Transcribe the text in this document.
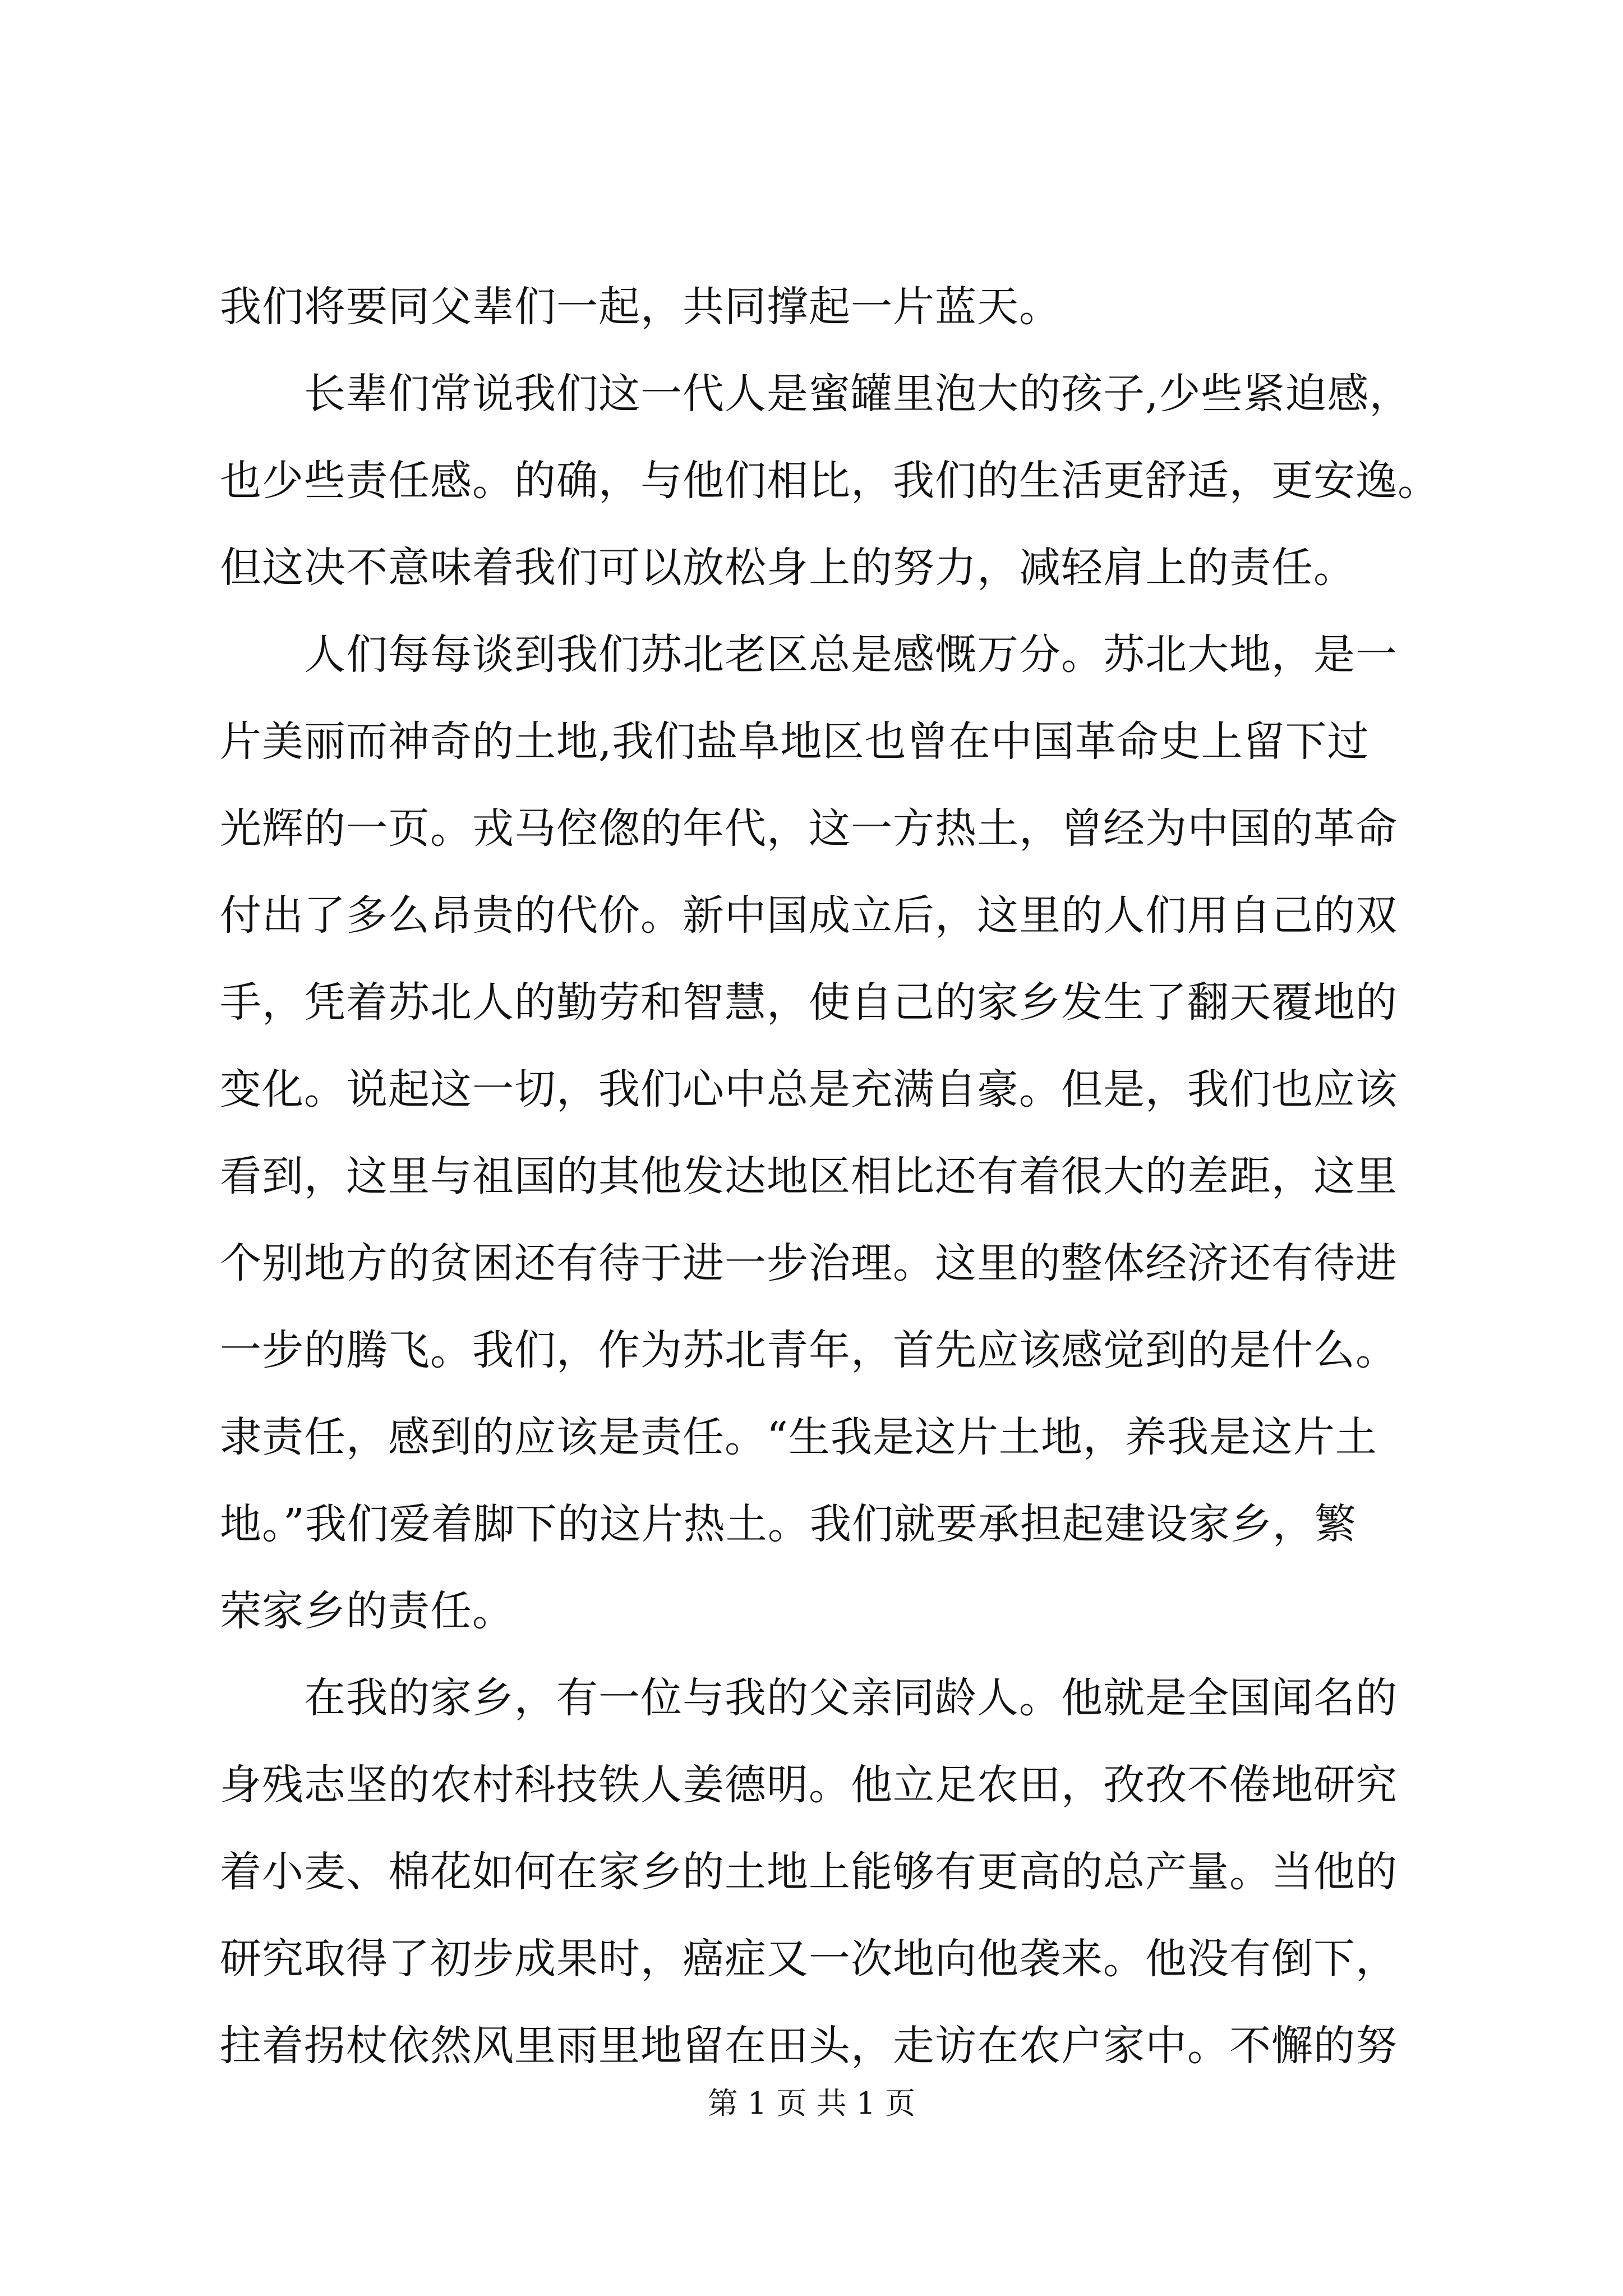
我们将要同父辈们一起，共同撑起一片蓝天。
长辈们常说我们这一代人是蜜罐里泡大的孩子,少些紧迫感，
也少些责任感。的确，与他们相比，我们的生活更舒适，更安逸。
但这决不意味着我们可以放松身上的努力，减轻肩上的责任。
人们每每谈到我们苏北老区总是感慨万分。苏北大地，是一
片美丽而神奇的土地,我们盐阜地区也曾在中国革命史上留下过
光辉的一页。戎马倥偬的年代，这一方热土，曾经为中国的革命
付出了多么昂贵的代价。新中国成立后，这里的人们用自己的双
手，凭着苏北人的勤劳和智慧，使自己的家乡发生了翻天覆地的
变化。说起这一切，我们心中总是充满自豪。但是，我们也应该
看到，这里与祖国的其他发达地区相比还有着很大的差距，这里
个别地方的贫困还有待于进一步治理。这里的整体经济还有待进
一步的腾飞。我们，作为苏北青年，首先应该感觉到的是什么。
隶责任，感到的应该是责任。“生我是这片土地，养我是这片土
地。”我们爱着脚下的这片热土。我们就要承担起建设家乡，繁
荣家乡的责任。
在我的家乡，有一位与我的父亲同龄人。他就是全国闻名的
身残志坚的农村科技铁人姜德明。他立足农田，孜孜不倦地研究
着小麦、棉花如何在家乡的土地上能够有更高的总产量。当他的
研究取得了初步成果时，癌症又一次地向他袭来。他没有倒下，
拄着拐杖依然风里雨里地留在田头，走访在农户家中。不懈的努
第 1 页 共 1 页
